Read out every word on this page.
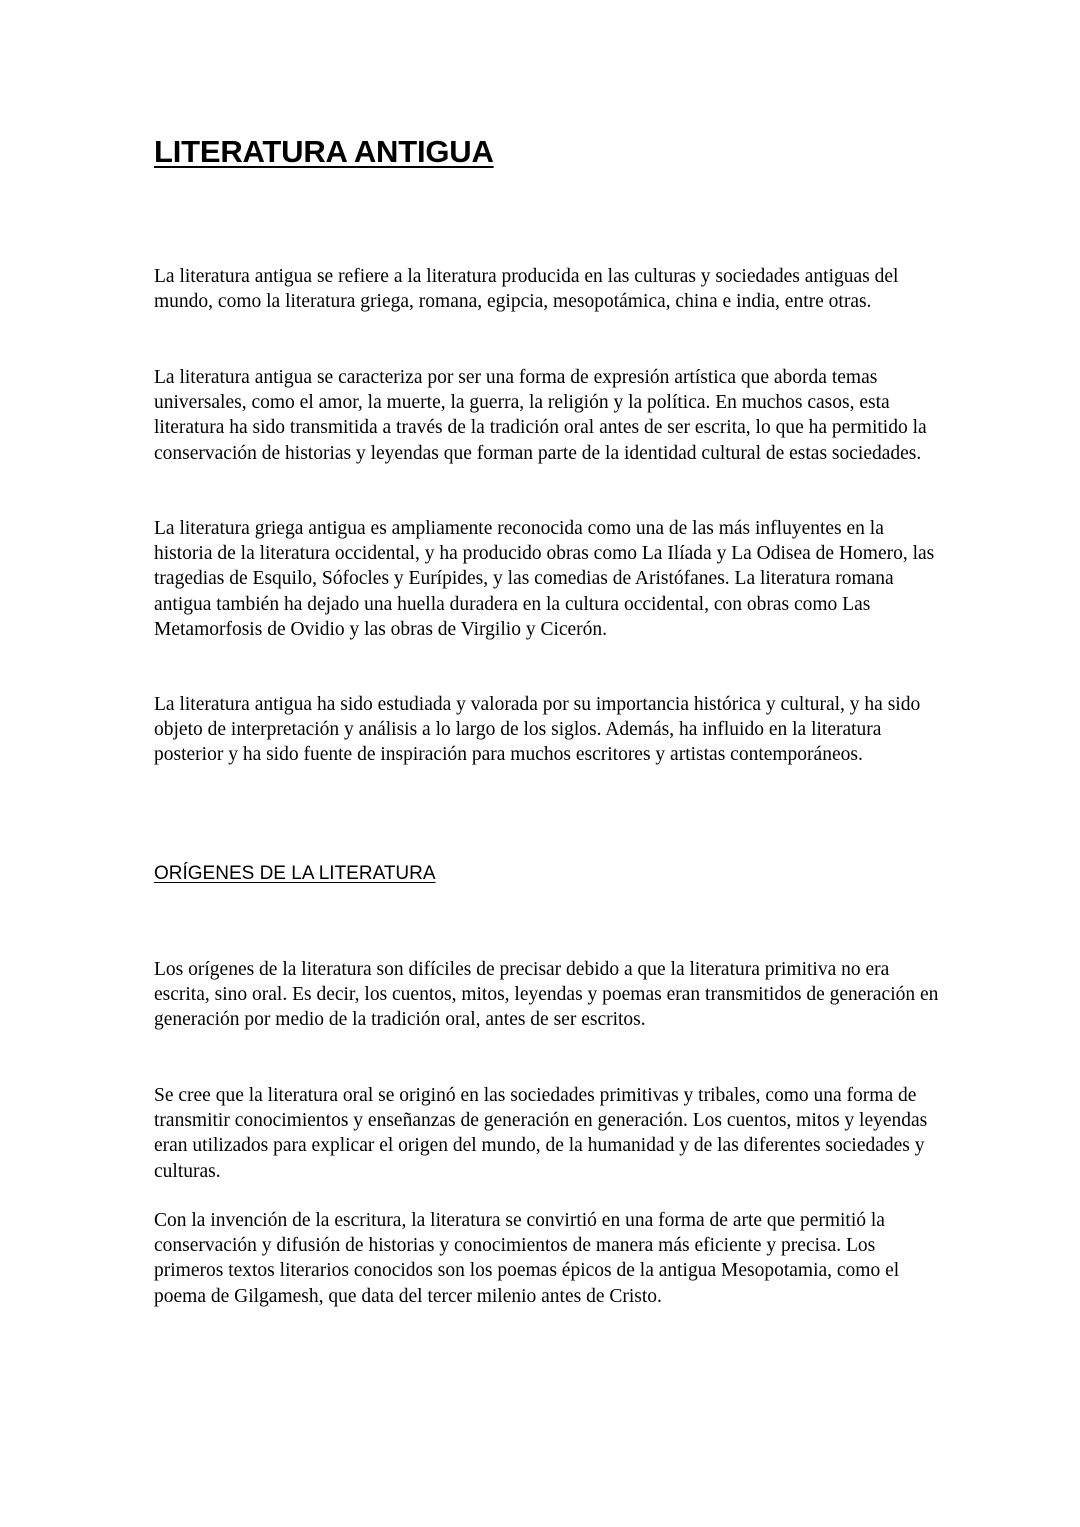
LITERATURA ANTIGUA

La literatura antigua se refiere a la literatura producida en las culturas y sociedades antiguas del mundo, como la literatura griega, romana, egipcia, mesopotámica, china e india, entre otras.

La literatura antigua se caracteriza por ser una forma de expresión artística que aborda temas universales, como el amor, la muerte, la guerra, la religión y la política. En muchos casos, esta literatura ha sido transmitida a través de la tradición oral antes de ser escrita, lo que ha permitido la conservación de historias y leyendas que forman parte de la identidad cultural de estas sociedades.

La literatura griega antigua es ampliamente reconocida como una de las más influyentes en la historia de la literatura occidental, y ha producido obras como La Ilíada y La Odisea de Homero, las tragedias de Esquilo, Sófocles y Eurípides, y las comedias de Aristófanes. La literatura romana antigua también ha dejado una huella duradera en la cultura occidental, con obras como Las Metamorfosis de Ovidio y las obras de Virgilio y Cicerón.

La literatura antigua ha sido estudiada y valorada por su importancia histórica y cultural, y ha sido objeto de interpretación y análisis a lo largo de los siglos. Además, ha influido en la literatura posterior y ha sido fuente de inspiración para muchos escritores y artistas contemporáneos.

ORÍGENES DE LA LITERATURA

Los orígenes de la literatura son difíciles de precisar debido a que la literatura primitiva no era escrita, sino oral. Es decir, los cuentos, mitos, leyendas y poemas eran transmitidos de generación en generación por medio de la tradición oral, antes de ser escritos.

Se cree que la literatura oral se originó en las sociedades primitivas y tribales, como una forma de transmitir conocimientos y enseñanzas de generación en generación. Los cuentos, mitos y leyendas eran utilizados para explicar el origen del mundo, de la humanidad y de las diferentes sociedades y culturas.

Con la invención de la escritura, la literatura se convirtió en una forma de arte que permitió la conservación y difusión de historias y conocimientos de manera más eficiente y precisa. Los primeros textos literarios conocidos son los poemas épicos de la antigua Mesopotamia, como el poema de Gilgamesh, que data del tercer milenio antes de Cristo.
